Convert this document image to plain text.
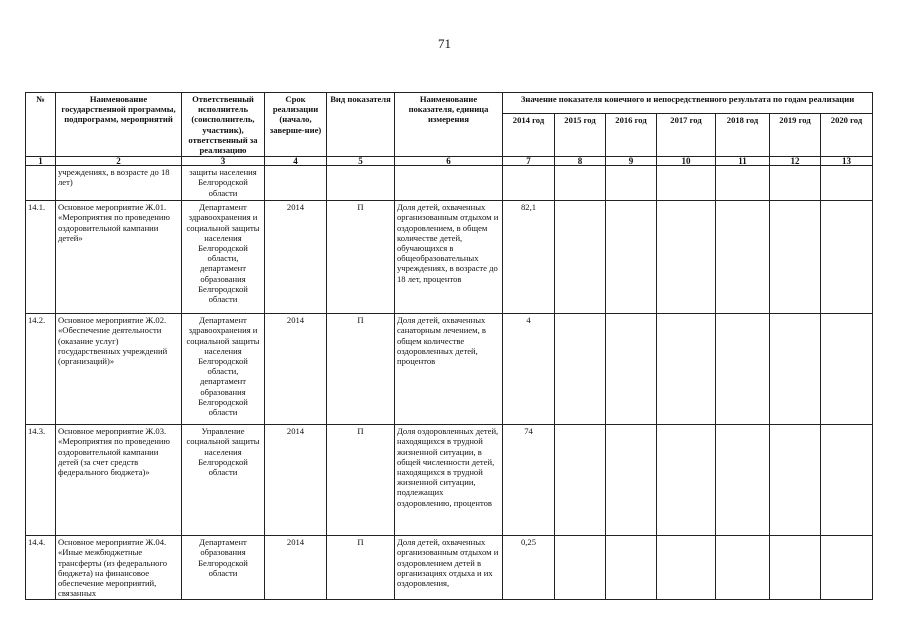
71
№	Наименование государственной программы, подпрограмм, мероприятий	Ответственный исполнитель (соисполнитель, участник), ответственный за реализацию	Срок реализации (начало, заверше-ние)	Вид показателя	Наименование показателя, единица измерения	Значение показателя конечного и непосредственного результата по годам реализации						
						2014 год	2015 год	2016 год	2017 год	2018 год	2019 год	2020 год
1	2	3	4	5	6	7	8	9	10	11	12	13
	учреждениях, в возрасте до 18 лет)	защиты населения Белгородской области										
14.1.	Основное мероприятие Ж.01. «Мероприятия по проведению оздоровительной кампании детей»	Департамент здравоохранения и социальной защиты населения Белгородской области, департамент образования Белгородской области	2014	П	Доля детей, охваченных организованным отдыхом и оздоровлением, в общем количестве детей, обучающихся в общеобразовательных учреждениях, в возрасте до 18 лет, процентов	82,1						
14.2.	Основное мероприятие Ж.02. «Обеспечение деятельности (оказание услуг) государственных учреждений (организаций)»	Департамент здравоохранения и социальной защиты населения Белгородской области, департамент образования Белгородской области	2014	П	Доля детей, охваченных санаторным лечением, в общем количестве оздоровленных детей, процентов	4						
14.3.	Основное мероприятие Ж.03. «Мероприятия по проведению оздоровительной кампании детей (за счет средств федерального бюджета)»	Управление социальной защиты населения Белгородской области	2014	П	Доля оздоровленных детей, находящихся в трудной жизненной ситуации, в общей численности детей, находящихся в трудной жизненной ситуации, подлежащих оздоровлению, процентов	74						
14.4.	Основное мероприятие Ж.04. «Иные межбюджетные трансферты (из федерального бюджета) на финансовое обеспечение мероприятий, связанных	Департамент образования Белгородской области	2014	П	Доля детей, охваченных организованным отдыхом и оздоровлением детей в организациях отдыха и их оздоровления,	0,25						
